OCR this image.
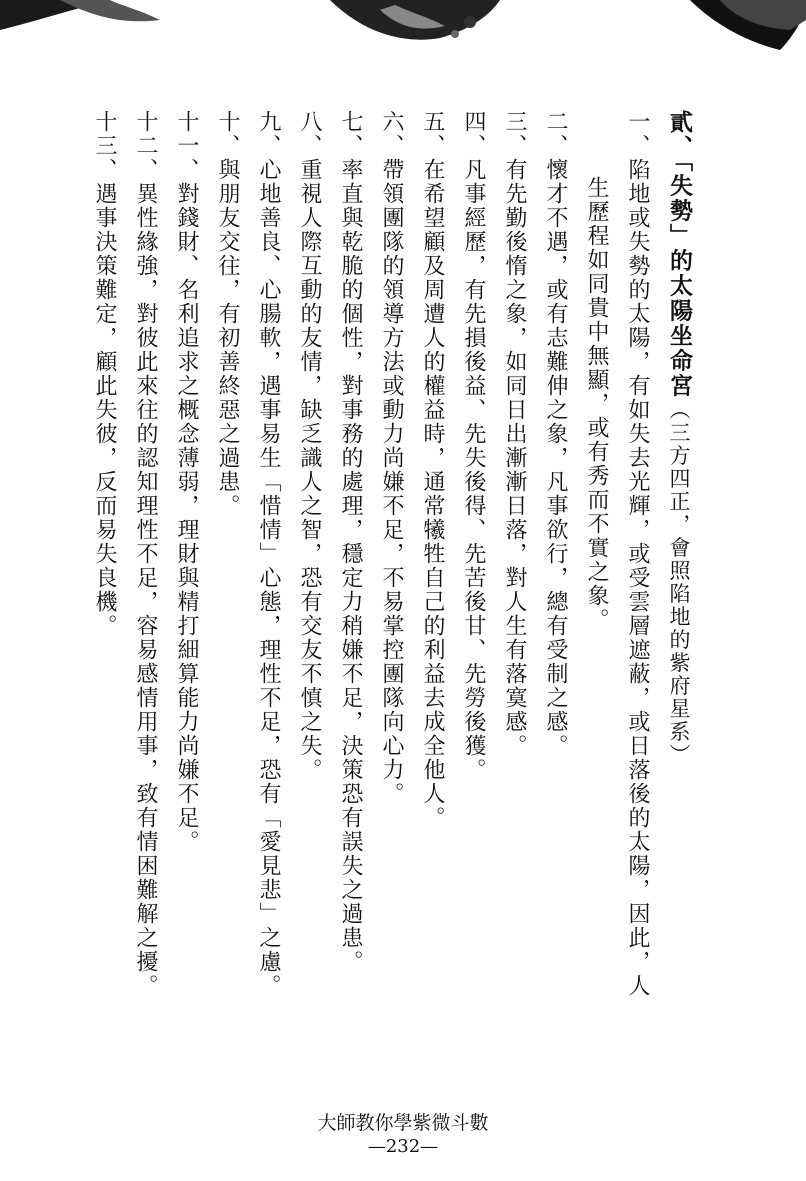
貳、「失勢」的太陽坐命宮（三方四正，會照陷地的紫府星系）
一、陷地或失勢的太陽，有如失去光輝，或受雲層遮蔽，或日落後的太陽，因此，人
生歷程如同貴中無顯，或有秀而不實之象。
二、懷才不遇，或有志難伸之象，凡事欲行，總有受制之感。
三、有先勤後惰之象，如同日出漸漸日落，對人生有落寞感。
四、凡事經歷，有先損後益、先失後得、先苦後甘、先勞後獲。
五、在希望顧及周遭人的權益時，通常犧牲自己的利益去成全他人。
六、帶領團隊的領導方法或動力尚嫌不足，不易掌控團隊向心力。
七、率直與乾脆的個性，對事務的處理，穩定力稍嫌不足，決策恐有誤失之過患。
八、重視人際互動的友情，缺乏識人之智，恐有交友不慎之失。
九、心地善良、心腸軟，遇事易生「惜情」心態，理性不足，恐有「愛見悲」之慮。
十、與朋友交往，有初善終惡之過患。
十一、對錢財、名利追求之概念薄弱，理財與精打細算能力尚嫌不足。
十二、異性緣強，對彼此來往的認知理性不足，容易感情用事，致有情困難解之擾。
十三、遇事決策難定，顧此失彼，反而易失良機。
大師教你學紫微斗數
—232—
